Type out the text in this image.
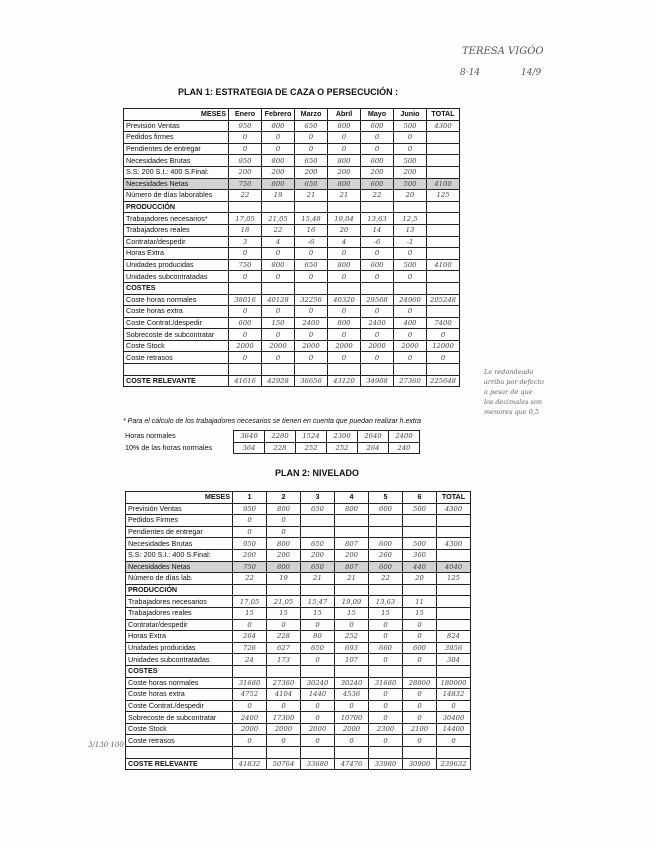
TERESA VIGÓO
8·14	14/9
PLAN 1: ESTRATEGIA DE CAZA O PERSECUCIÓN :
MESES	Enero	Febrero	Marzo	Abril	Mayo	Junio	TOTAL
Previsión Ventas	950	800	650	800	600	500	4300
Pedidos firmes	0	0	0	0	0	0	
Pendientes de entregar	0	0	0	0	0	0	
Necesidades Brutas	950	800	650	800	600	500	
S.S: 200 S.I.: 400 S.Final:	200	200	200	200	200	200	
Necesidades Netas	750	800	650	800	600	500	4100
Número de días laborables	22	19	21	21	22	20	125
PRODUCCIÓN							
Trabajadores necesarios*	17,05	21,05	15,48	19,04	13,63	12,5	
Trabajadores reales	18	22	16	20	14	13	
Contratar/despedir	3	4	-6	4	-6	-1	
Horas Extra	0	0	0	0	0	0	
Unidades producidas	750	800	650	800	600	500	4100
Unidades subcontratadas	0	0	0	0	0	0	
COSTES							
Coste horas normales	38016	40128	32256	40320	29568	24960	205248
Coste horas extra	0	0	0	0	0	0	
Coste Contrat./despedir	600	150	2400	800	2400	400	7400
Sobrecoste de subcontratar	0	0	0	0	0	0	0
Coste Stock	2000	2000	2000	2000	2000	2000	12000
Coste retrasos	0	0	0	0	0	0	0

COSTE RELEVANTE	41616	42928	36656	43120	34968	27360	225648
* Para el cálculo de los trabajadores necesarios se tienen en cuenta que puedan realizar h.extra
Horas normales	3640	2280	1524	2300	2640	2400
10% de las horas normales	364	228	252	252	264	240
Le redondeado
arriba por defecto
a pesar de que
los decimales son
menores que 0,5
PLAN 2: NIVELADO
MESES	1	2	3	4	5	6	TOTAL
Previsión Ventas	950	800	650	800	600	500	4300
Pedidos Firmes	0	0					
Pendientes de entregar	0	0					
Necesidades Brutas	950	800	650	807	600	500	4300
S.S: 200 S.I.: 400 S.Final:	200	200	200	200	260	360	
Necesidades Netas	750	800	650	807	600	440	4040
Número de días lab.	22	19	21	21	22	20	125
PRODUCCIÓN							
Trabajadores necesarios	17,05	21,05	15,47	19,09	13,63	11	
Trabajadores reales	15	15	15	15	15	15	
Contratar/despedir	0	0	0	0	0	0	
Horas Extra	264	228	80	252	0	0	824
Unidades producidas	726	627	650	693	660	600	3956
Unidades subcontratadas	24	173	0	107	0	0	304
COSTES							
Coste horas normales	31680	27360	30240	30240	31680	28800	180000
Coste horas extra	4752	4104	1440	4536	0	0	14832
Coste Contrat./despedir	0	0	0	0	0	0	0
Sobrecoste de subcontratar	2400	17300	0	10700	0	0	30400
Coste Stock	2000	2000	2000	2000	2300	2100	14400
Coste retrasos	0	0	0	0	0	0	0

COSTE RELEVANTE	41832	50764	33680	47476	33980	30900	239632
3/130 100
